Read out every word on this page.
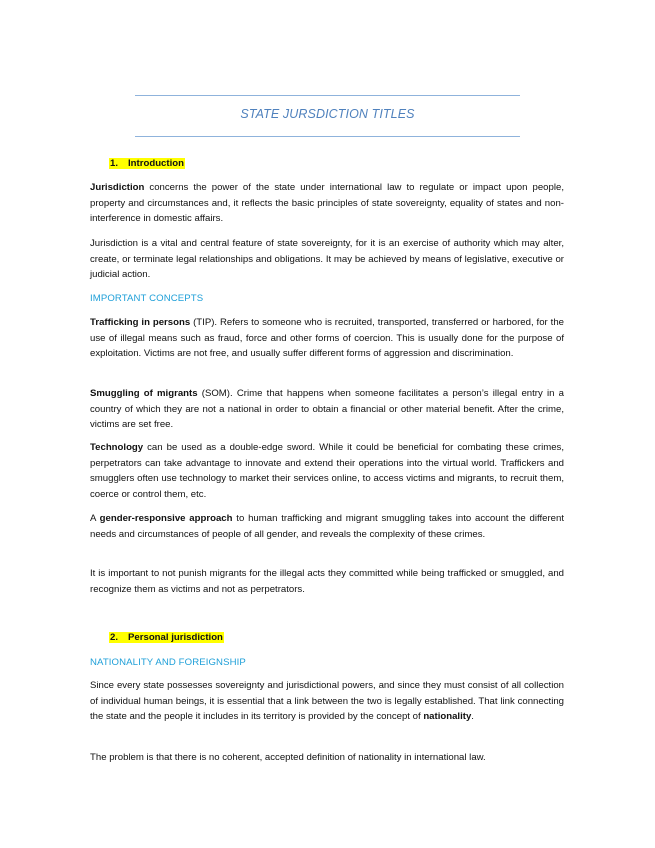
STATE JURSDICTION TITLES
1. Introduction

Jurisdiction concerns the power of the state under international law to regulate or impact upon people, property and circumstances and, it reflects the basic principles of state sovereignty, equality of states and non-interference in domestic affairs.

Jurisdiction is a vital and central feature of state sovereignty, for it is an exercise of authority which may alter, create, or terminate legal relationships and obligations. It may be achieved by means of legislative, executive or judicial action.

IMPORTANT CONCEPTS

Trafficking in persons (TIP). Refers to someone who is recruited, transported, transferred or harbored, for the use of illegal means such as fraud, force and other forms of coercion. This is usually done for the purpose of exploitation. Victims are not free, and usually suffer different forms of aggression and discrimination.

Smuggling of migrants (SOM). Crime that happens when someone facilitates a person’s illegal entry in a country of which they are not a national in order to obtain a financial or other material benefit. After the crime, victims are set free.

Technology can be used as a double-edge sword. While it could be beneficial for combating these crimes, perpetrators can take advantage to innovate and extend their operations into the virtual world. Traffickers and smugglers often use technology to market their services online, to access victims and migrants, to recruit them, coerce or control them, etc.

A gender-responsive approach to human trafficking and migrant smuggling takes into account the different needs and circumstances of people of all gender, and reveals the complexity of these crimes.

It is important to not punish migrants for the illegal acts they committed while being trafficked or smuggled, and recognize them as victims and not as perpetrators.

2. Personal jurisdiction
NATIONALITY AND FOREIGNSHIP

Since every state possesses sovereignty and jurisdictional powers, and since they must consist of all collection of individual human beings, it is essential that a link between the two is legally established. That link connecting the state and the people it includes in its territory is provided by the concept of nationality.

The problem is that there is no coherent, accepted definition of nationality in international law.
